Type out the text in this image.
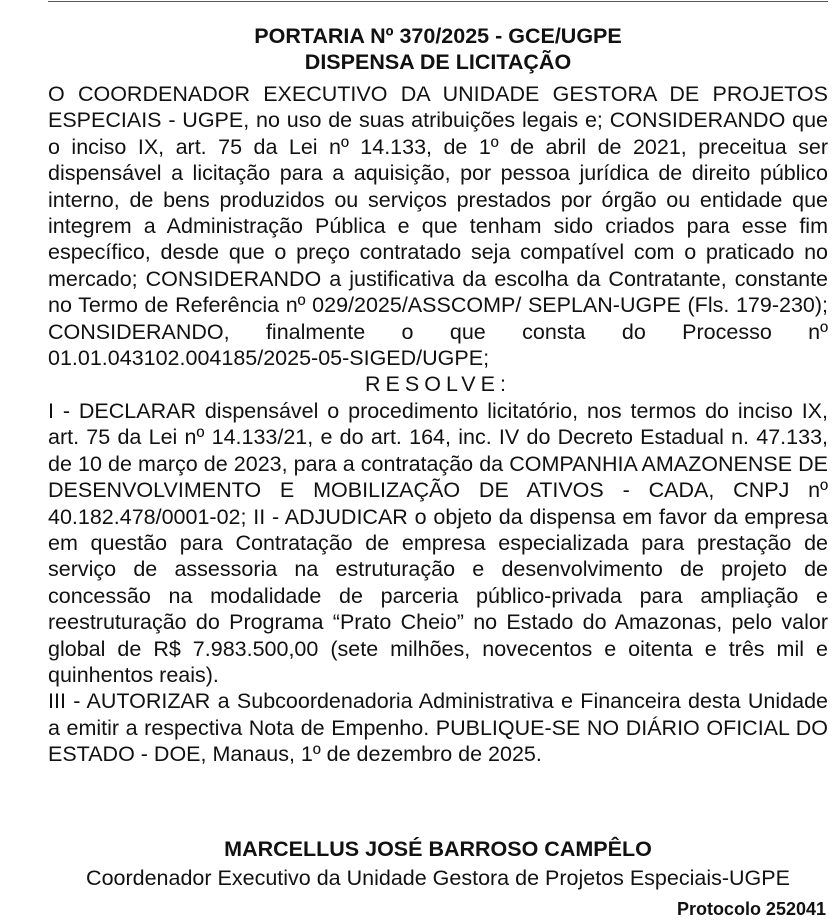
PORTARIA Nº 370/2025 - GCE/UGPE

DISPENSA DE LICITAÇÃO

O COORDENADOR EXECUTIVO DA UNIDADE GESTORA DE PROJETOS ESPECIAIS - UGPE, no uso de suas atribuições legais e; CONSIDERANDO que o inciso IX, art. 75 da Lei nº 14.133, de 1º de abril de 2021, preceitua ser dispensável a licitação para a aquisição, por pessoa jurídica de direito público interno, de bens produzidos ou serviços prestados por órgão ou entidade que integrem a Administração Pública e que tenham sido criados para esse fim específico, desde que o preço contratado seja compatível com o praticado no mercado; CONSIDERANDO a justificativa da escolha da Contratante, constante no Termo de Referência nº 029/2025/ASSCOMP/ SEPLAN-UGPE (Fls. 179-230); CONSIDERANDO, finalmente o que consta do Processo nº 01.01.043102.004185/2025-05-SIGED/UGPE;

RESOLVE:

I - DECLARAR dispensável o procedimento licitatório, nos termos do inciso IX, art. 75 da Lei nº 14.133/21, e do art. 164, inc. IV do Decreto Estadual n. 47.133, de 10 de março de 2023, para a contratação da COMPANHIA AMAZONENSE DE DESENVOLVIMENTO E MOBILIZAÇÃO DE ATIVOS - CADA, CNPJ nº 40.182.478/0001-02; II - ADJUDICAR o objeto da dispensa em favor da empresa em questão para Contratação de empresa especializada para prestação de serviço de assessoria na estruturação e desenvolvimento de projeto de concessão na modalidade de parceria público-privada para ampliação e reestruturação do Programa “Prato Cheio” no Estado do Amazonas, pelo valor global de R$ 7.983.500,00 (sete milhões, novecentos e oitenta e três mil e quinhentos reais).

III - AUTORIZAR a Subcoordenadoria Administrativa e Financeira desta Unidade a emitir a respectiva Nota de Empenho. PUBLIQUE-SE NO DIÁRIO OFICIAL DO ESTADO - DOE, Manaus, 1º de dezembro de 2025.

MARCELLUS JOSÉ BARROSO CAMPÊLO

Coordenador Executivo da Unidade Gestora de Projetos Especiais-UGPE

Protocolo 252041
